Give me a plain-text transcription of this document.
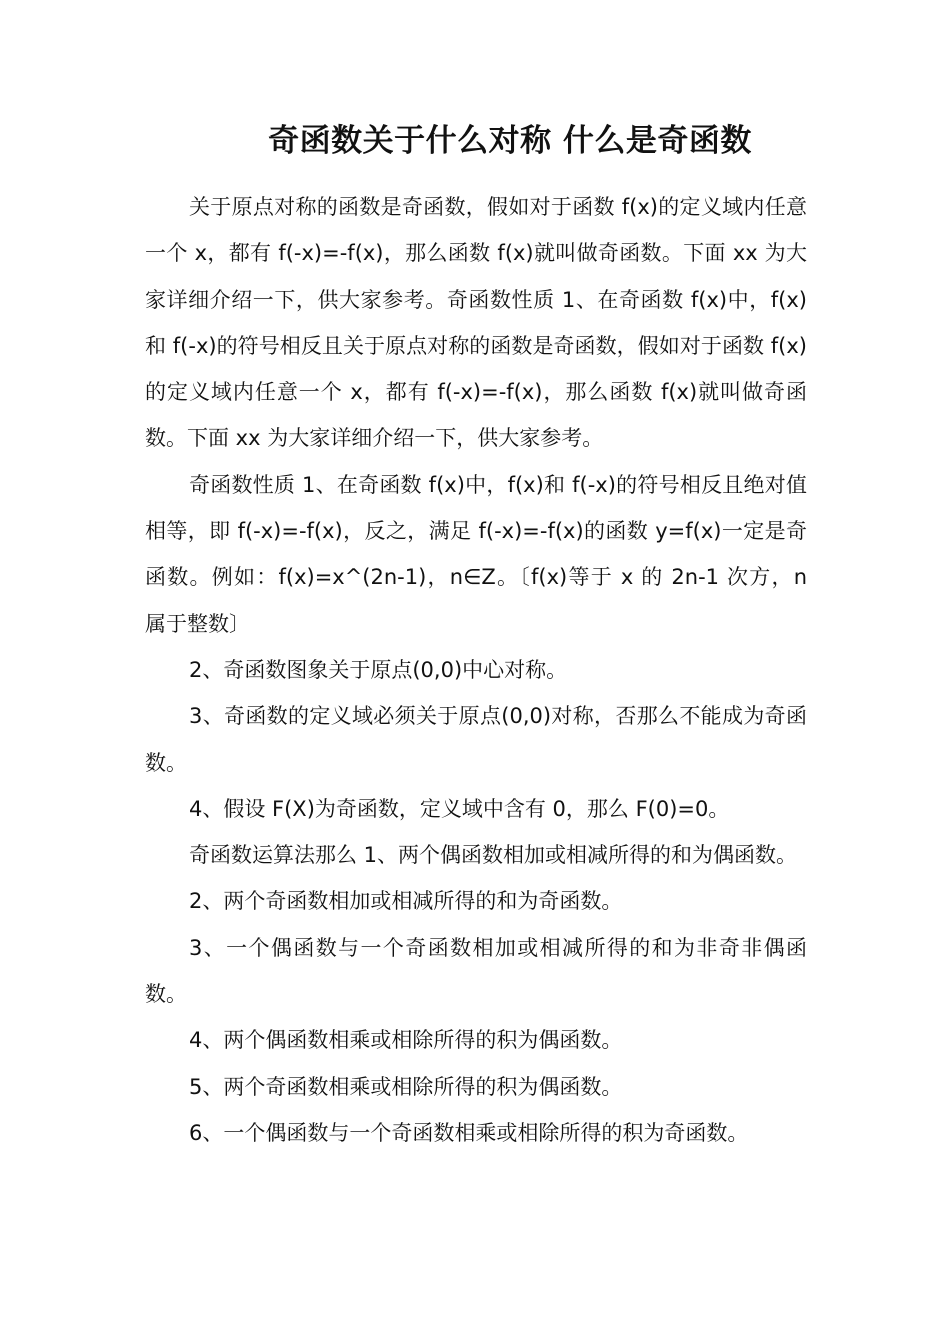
奇函数关于什么对称 什么是奇函数

关于原点对称的函数是奇函数，假如对于函数 f(x)的定义域内任意一个 x，都有 f(-x)=-f(x)，那么函数 f(x)就叫做奇函数。下面 xx 为大家详细介绍一下，供大家参考。奇函数性质 1、在奇函数 f(x)中，f(x)和 f(-x)的符号相反且关于原点对称的函数是奇函数，假如对于函数 f(x)的定义域内任意一个 x，都有 f(-x)=-f(x)，那么函数 f(x)就叫做奇函数。下面 xx 为大家详细介绍一下，供大家参考。

奇函数性质 1、在奇函数 f(x)中，f(x)和 f(-x)的符号相反且绝对值相等，即 f(-x)=-f(x)，反之，满足 f(-x)=-f(x)的函数 y=f(x)一定是奇函数。例如：f(x)=x^(2n-1)，n∈Z。〔f(x)等于 x 的 2n-1 次方，n 属于整数〕

2、奇函数图象关于原点(0,0)中心对称。

3、奇函数的定义域必须关于原点(0,0)对称，否那么不能成为奇函数。

4、假设 F(X)为奇函数，定义域中含有 0，那么 F(0)=0。

奇函数运算法那么 1、两个偶函数相加或相减所得的和为偶函数。

2、两个奇函数相加或相减所得的和为奇函数。

3、一个偶函数与一个奇函数相加或相减所得的和为非奇非偶函数。

4、两个偶函数相乘或相除所得的积为偶函数。

5、两个奇函数相乘或相除所得的积为偶函数。

6、一个偶函数与一个奇函数相乘或相除所得的积为奇函数。
